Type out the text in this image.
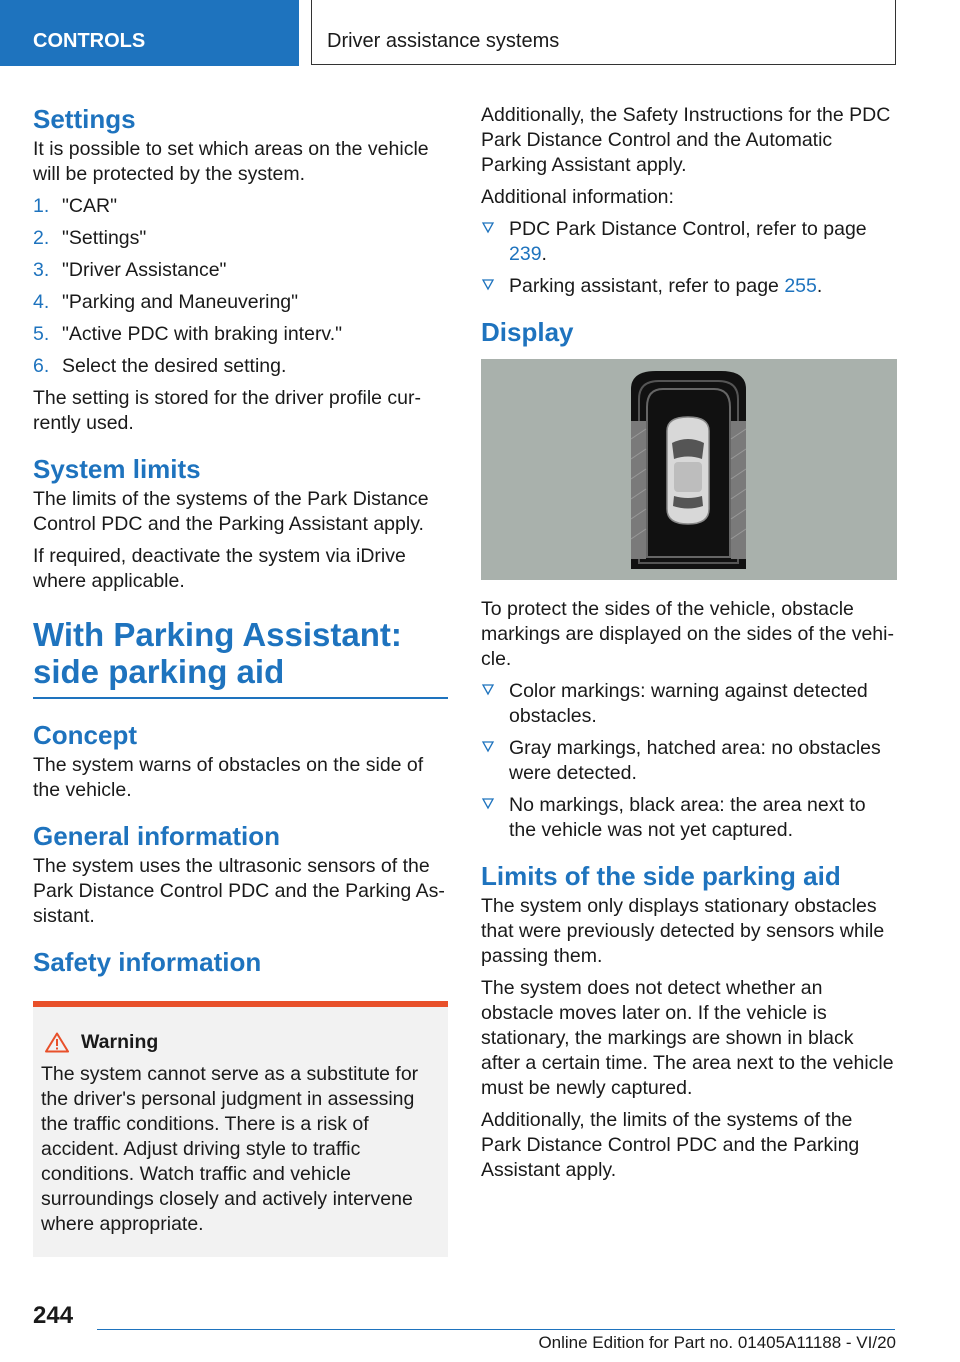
CONTROLS	Driver assistance systems
Settings

It is possible to set which areas on the vehicle will be protected by the system.

1. "CAR"
2. "Settings"
3. "Driver Assistance"
4. "Parking and Maneuvering"
5. "Active PDC with braking interv."
6. Select the desired setting.

The setting is stored for the driver profile currently used.

System limits

The limits of the systems of the Park Distance Control PDC and the Parking Assistant apply.

If required, deactivate the system via iDrive where applicable.

With Parking Assistant: side parking aid
Concept

The system warns of obstacles on the side of the vehicle.

General information

The system uses the ultrasonic sensors of the Park Distance Control PDC and the Parking Assistant.

Safety information
Warning

The system cannot serve as a substitute for the driver's personal judgment in assessing the traffic conditions. There is a risk of accident. Adjust driving style to traffic conditions. Watch traffic and vehicle surroundings closely and actively intervene where appropriate.

Additionally, the Safety Instructions for the PDC Park Distance Control and the Automatic Parking Assistant apply.

Additional information:

PDC Park Distance Control, refer to page 239.
Parking assistant, refer to page 255.
Display

To protect the sides of the vehicle, obstacle markings are displayed on the sides of the vehicle.

Color markings: warning against detected obstacles.
Gray markings, hatched area: no obstacles were detected.
No markings, black area: the area next to the vehicle was not yet captured.
Limits of the side parking aid

The system only displays stationary obstacles that were previously detected by sensors while passing them.

The system does not detect whether an obstacle moves later on. If the vehicle is stationary, the markings are shown in black after a certain time. The area next to the vehicle must be newly captured.

Additionally, the limits of the systems of the Park Distance Control PDC and the Parking Assistant apply.

244
Online Edition for Part no. 01405A11188 - VI/20
